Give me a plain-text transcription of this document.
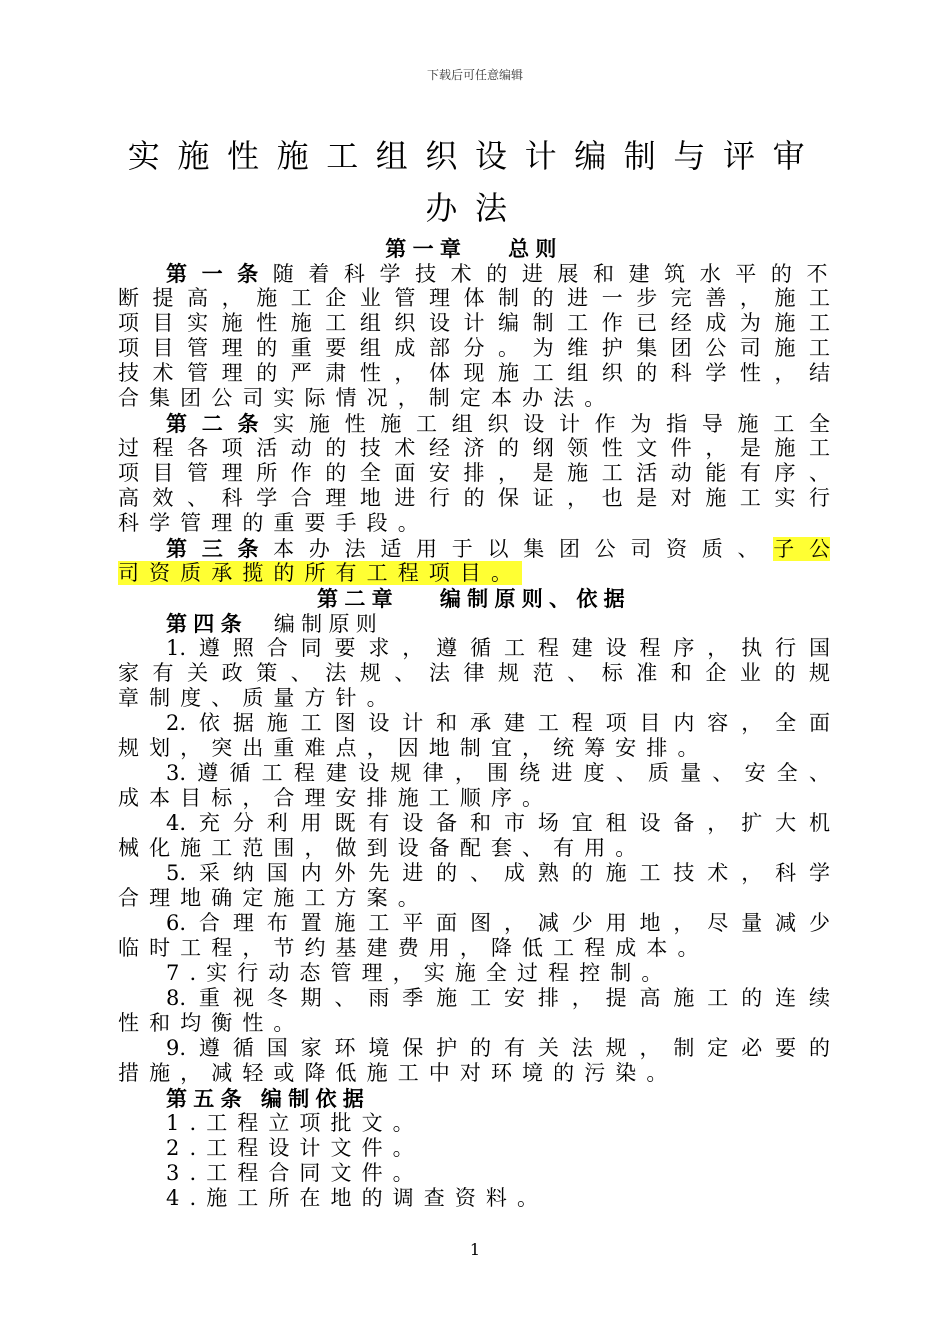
下载后可任意编辑
实施性施工组织设计编制与评审
办法
第一章　 总则
第一条随着科学技术的进展和建筑水平的不
断提高，施工企业管理体制的进一步完善，施工
项目实施性施工组织设计编制工作已经成为施工
项目管理的重要组成部分。为维护集团公司施工
技术管理的严肃性，体现施工组织的科学性，结
合集团公司实际情况，制定本办法。
第二条实施性施工组织设计作为指导施工全
过程各项活动的技术经济的纲领性文件，是施工
项目管理所作的全面安排，是施工活动能有序、
高效、科学合理地进行的保证，也是对施工实行
科学管理的重要手段。
第三条本办法适用于以集团公司资质、子公
司资质承揽的所有工程项目。
第二章　 编制原则、依据
第四条 编制原则
1.遵照合同要求，遵循工程建设程序，执行国
家有关政策、法规、法律规范、标准和企业的规
章制度、质量方针。
2.依据施工图设计和承建工程项目内容，全面
规划，突出重难点，因地制宜，统筹安排。
3.遵循工程建设规律，围绕进度、质量、安全、
成本目标，合理安排施工顺序。
4.充分利用既有设备和市场宜租设备，扩大机
械化施工范围，做到设备配套、有用。
5.采纳国内外先进的、成熟的施工技术，科学
合理地确定施工方案。
6.合理布置施工平面图，减少用地，尽量减少
临时工程，节约基建费用，降低工程成本。
7.实行动态管理，实施全过程控制。
8.重视冬期、雨季施工安排，提高施工的连续
性和均衡性。
9.遵循国家环境保护的有关法规，制定必要的
措施，减轻或降低施工中对环境的污染。
第五条 编制依据
1.工程立项批文。
2.工程设计文件。
3.工程合同文件。
4.施工所在地的调查资料。
1
